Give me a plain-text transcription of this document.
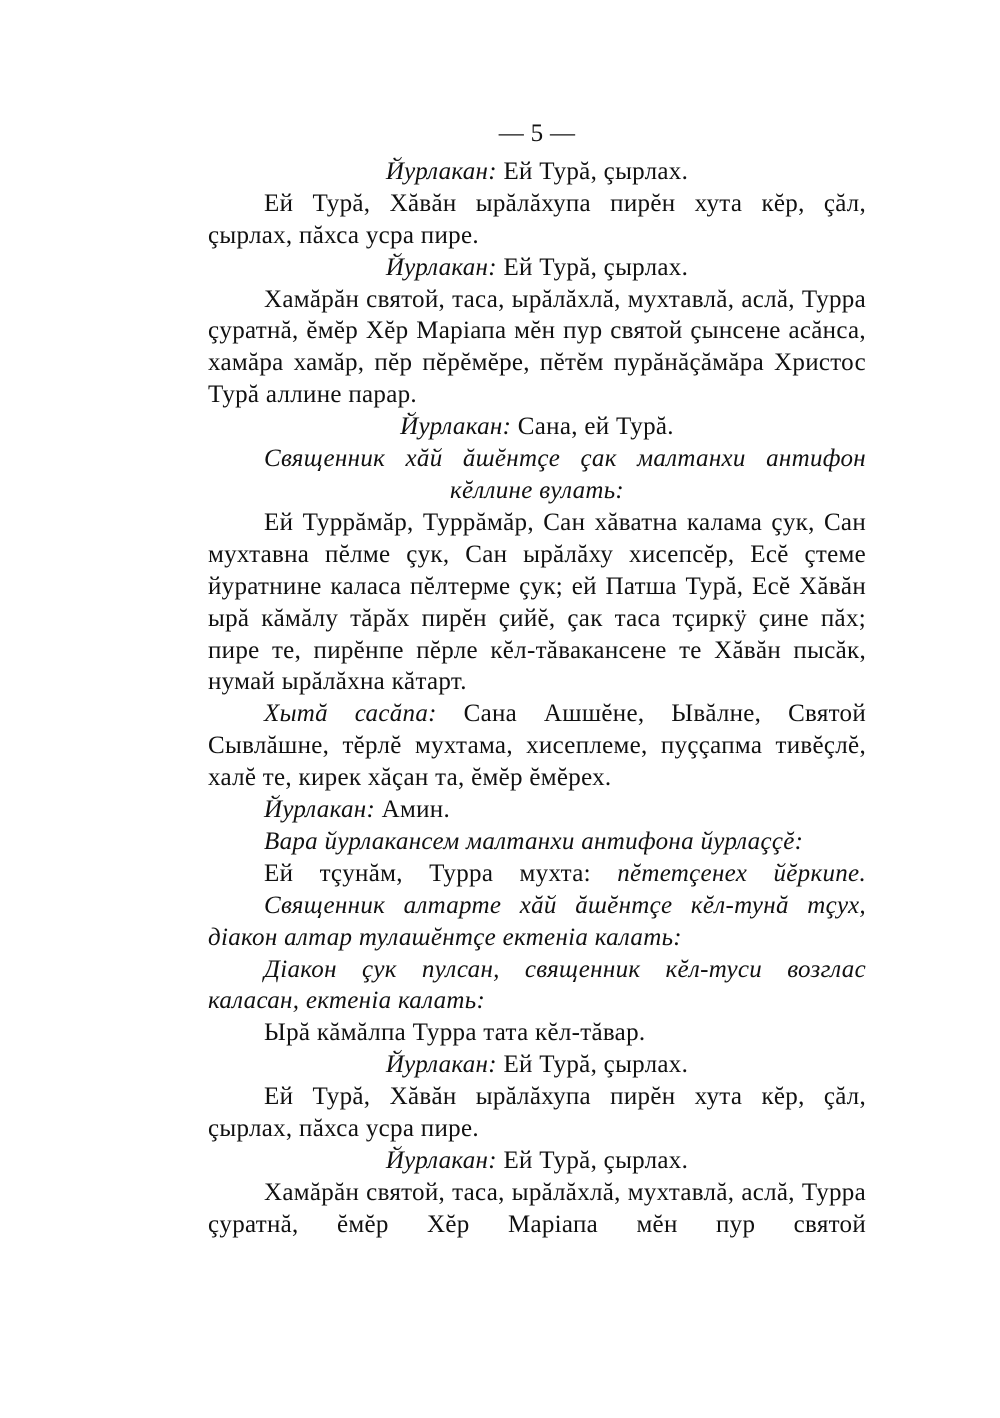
— 5 —
Йурлакан: Ей Турă, çырлах.
Ей Турă, Хăвăн ырăлăхупа пирĕн хута кĕр, çăл, çырлах, пăхса усра пире.
Йурлакан: Ей Турă, çырлах.
Хамăрăн святой, таса, ырăлăхлă, мухтавлă, аслă, Турра çуратнă, ĕмĕр Хĕр Маріапа мĕн пур святой çынсене асăнса, хамăра хамăр, пĕр пĕрĕмĕре, пĕтĕм пурăнăçăмăра Христос Турă аллине парар.
Йурлакан: Сана, ей Турă.
Священник хăй ăшĕнтçе çак малтанхи антифон кĕллине вулать:
Ей Туррăмăр, Туррăмăр, Сан хăватна калама çук, Сан мухтавна пĕлме çук, Сан ырăлăху хисепсĕр, Есĕ çтеме йуратнине каласа пĕлтерме çук; ей Патша Турă, Есĕ Хăвăн ырă кăмăлу тăрăх пирĕн çийĕ, çак таса тçиркÿ çине пăх; пире те, пирĕнпе пĕрле кĕл-тăвакансене те Хăвăн пысăк, нумай ырăлăхна кăтарт.
Хытă сасăпа: Сана Ашшĕне, Ывăлне, Святой Сывлăшне, тĕрлĕ мухтама, хисеплеме, пуççапма тивĕçлĕ, халĕ те, кирек хăçан та, ĕмĕр ĕмĕрех.
Йурлакан: Амин.
Вара йурлакансем малтанхи антифона йурлаççĕ:
Ей тçунăм, Турра мухта: пĕтетçенех йĕркипе.
Священник алтарте хăй ăшĕнтçе кĕл-тунă тçух, діакон алтар тулашĕнтçе ектеніа калать:
Діакон çук пулсан, священник кĕл-туси возглас каласан, ектеніа калать:
Ырă кăмăлпа Турра тата кĕл-тăвар.
Йурлакан: Ей Турă, çырлах.
Ей Турă, Хăвăн ырăлăхупа пирĕн хута кĕр, çăл, çырлах, пăхса усра пире.
Йурлакан: Ей Турă, çырлах.
Хамăрăн святой, таса, ырăлăхлă, мухтавлă, аслă, Турра çуратнă, ĕмĕр Хĕр Маріапа мĕн пур святой
